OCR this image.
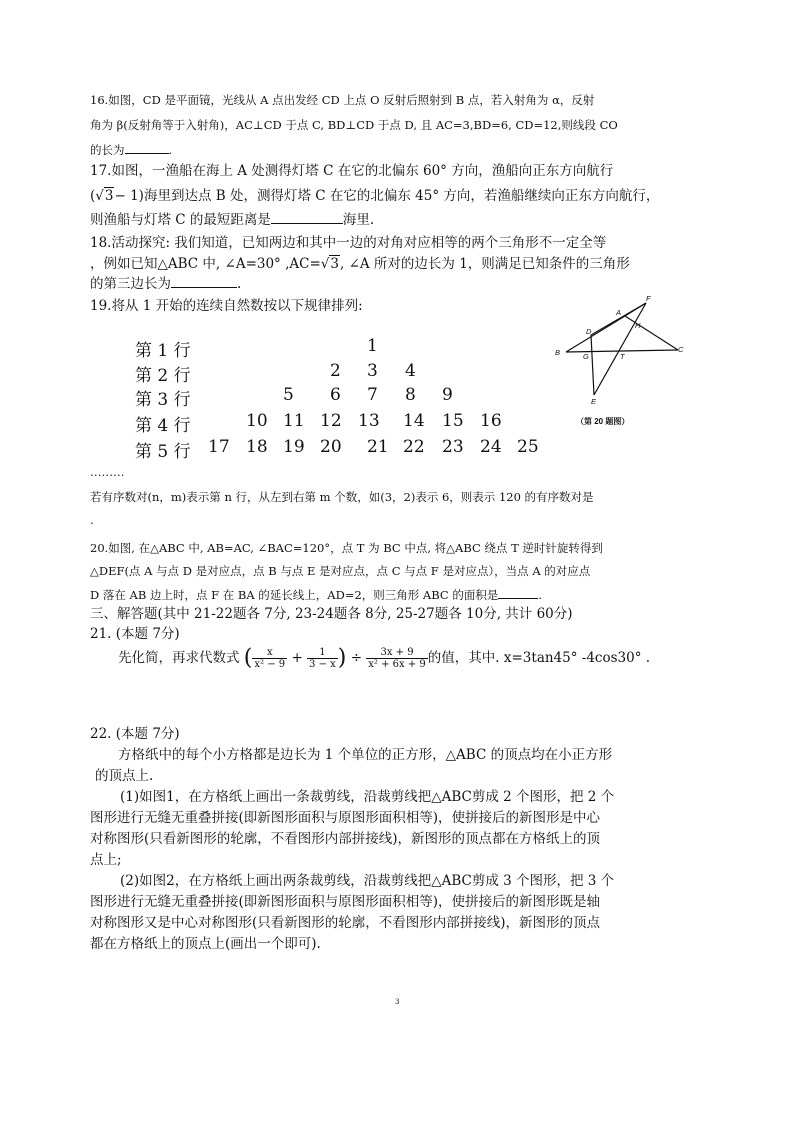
16.如图，CD 是平面镜，光线从 A 点出发经 CD 上点 O 反射后照射到 B 点，若入射角为 α，反射
角为 β(反射角等于入射角)，AC⊥CD 于点 C, BD⊥CD 于点 D, 且 AC=3,BD=6, CD=12,则线段 CO
的长为	.
17.如图，一渔船在海上 A 处测得灯塔 C 在它的北偏东 60° 方向，渔船向正东方向航行
(√3− 1)海里到达点 B 处，测得灯塔 C 在它的北偏东 45° 方向，若渔船继续向正东方向航行，
则渔船与灯塔 C 的最短距离是	海里.
18.活动探究: 我们知道，已知两边和其中一边的对角对应相等的两个三角形不一定全等
，例如已知△ABC 中, ∠A=30° ,AC=√3, ∠A 所对的边长为 1，则满足已知条件的三角形
的第三边长为	.
19.将从 1 开始的连续自然数按以下规律排列:
第 1 行	1
第 2 行	2 3 4
第 3 行	5 6 7 8 9
第 4 行	10 11 12 13 14 15 16
第 5 行 17 18 19 20 21 22 23 24 25
………
若有序数对(n，m)表示第 n 行，从左到右第 m 个数，如(3，2)表示 6，则表示 120 的有序数对是
.
F
A
D
H
B	G	T
C
E
（第 20 题图）
20.如图, 在△ABC 中, AB=AC, ∠BAC=120°，点 T 为 BC 中点, 将△ABC 绕点 T 逆时针旋转得到
△DEF(点 A 与点 D 是对应点，点 B 与点 E 是对应点，点 C 与点 F 是对应点），当点 A 的对应点
D 落在 AB 边上时，点 F 在 BA 的延长线上，AD=2，则三角形 ABC 的面积是	.
三、解答题(其中 21-22题各 7分, 23-24题各 8分, 25-27题各 10分, 共计 60分)
21. (本题 7分)
先化简，再求代数式 ( $\frac{x}{\text{x² − 9}} + \frac{1}{3 - x}$ ) ÷ $\frac{3x + 9}{\text{x² + 6x + 9}}$ 的值，其中. x=3tan45° -4cos30° .
22. (本题 7分)
方格纸中的每个小方格都是边长为 1 个单位的正方形，△ABC 的顶点均在小正方形
的顶点上.
(1)如图1，在方格纸上画出一条裁剪线，沿裁剪线把△ABC剪成 2 个图形，把 2 个
图形进行无缝无重叠拼接(即新图形面积与原图形面积相等)，使拼接后的新图形是中心
对称图形(只看新图形的轮廓，不看图形内部拼接线)，新图形的顶点都在方格纸上的顶
点上;
(2)如图2，在方格纸上画出两条裁剪线，沿裁剪线把△ABC剪成 3 个图形，把 3 个
图形进行无缝无重叠拼接(即新图形面积与原图形面积相等)，使拼接后的新图形既是轴
对称图形又是中心对称图形(只看新图形的轮廓，不看图形内部拼接线)，新图形的顶点
都在方格纸上的顶点上(画出一个即可).
3
